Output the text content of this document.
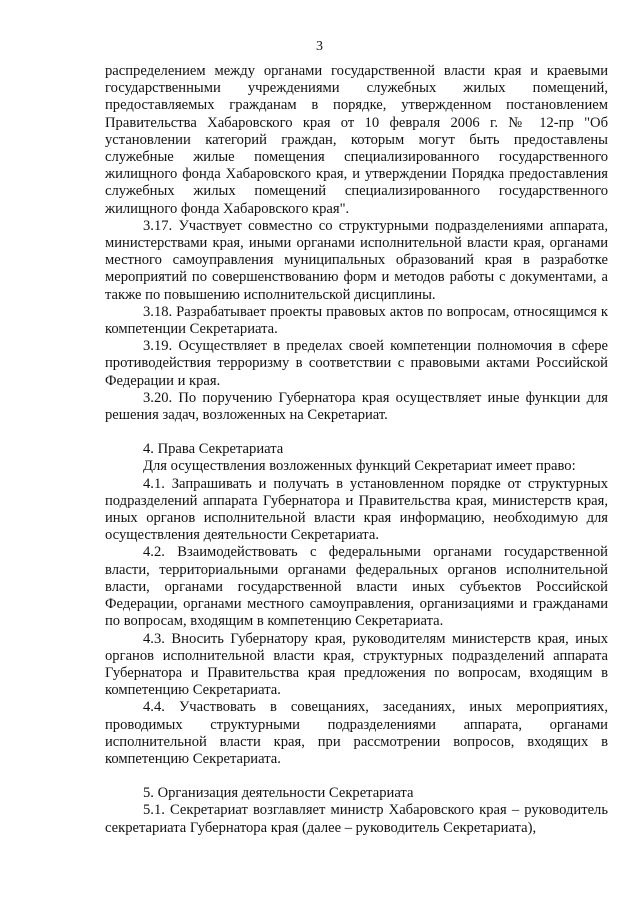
3

распределением между органами государственной власти края и краевыми государственными учреждениями служебных жилых помещений, предоставляемых гражданам в порядке, утвержденном постановлением Правительства Хабаровского края от 10 февраля 2006 г. № 12-пр "Об установлении категорий граждан, которым могут быть предоставлены служебные жилые помещения специализированного государственного жилищного фонда Хабаровского края, и утверждении Порядка предоставления служебных жилых помещений специализированного государственного жилищного фонда Хабаровского края".

3.17. Участвует совместно со структурными подразделениями аппарата, министерствами края, иными органами исполнительной власти края, органами местного самоуправления муниципальных образований края в разработке мероприятий по совершенствованию форм и методов работы с документами, а также по повышению исполнительской дисциплины.

3.18. Разрабатывает проекты правовых актов по вопросам, относящимся к компетенции Секретариата.

3.19. Осуществляет в пределах своей компетенции полномочия в сфере противодействия терроризму в соответствии с правовыми актами Российской Федерации и края.

3.20. По поручению Губернатора края осуществляет иные функции для решения задач, возложенных на Секретариат.

4. Права Секретариата

Для осуществления возложенных функций Секретариат имеет право:

4.1. Запрашивать и получать в установленном порядке от структурных подразделений аппарата Губернатора и Правительства края, министерств края, иных органов исполнительной власти края информацию, необходимую для осуществления деятельности Секретариата.

4.2. Взаимодействовать с федеральными органами государственной власти, территориальными органами федеральных органов исполнительной власти, органами государственной власти иных субъектов Российской Федерации, органами местного самоуправления, организациями и гражданами по вопросам, входящим в компетенцию Секретариата.

4.3. Вносить Губернатору края, руководителям министерств края, иных органов исполнительной власти края, структурных подразделений аппарата Губернатора и Правительства края предложения по вопросам, входящим в компетенцию Секретариата.

4.4. Участвовать в совещаниях, заседаниях, иных мероприятиях, проводимых структурными подразделениями аппарата, органами исполнительной власти края, при рассмотрении вопросов, входящих в компетенцию Секретариата.

5. Организация деятельности Секретариата

5.1. Секретариат возглавляет министр Хабаровского края – руководитель секретариата Губернатора края (далее – руководитель Секретариата),
